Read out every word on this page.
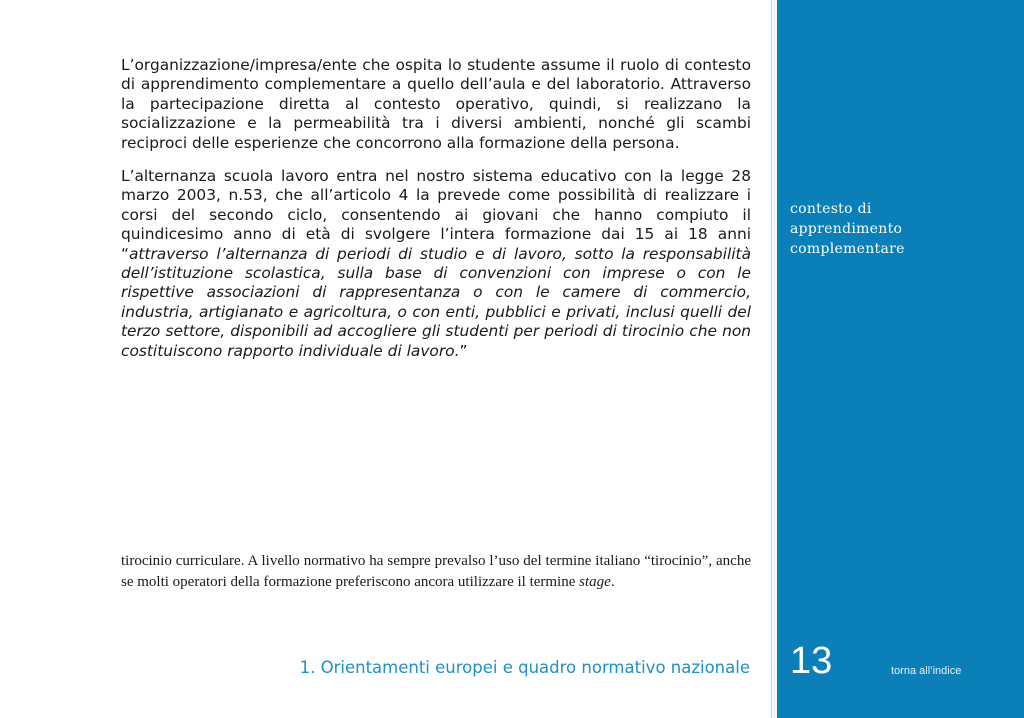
L’organizzazione/impresa/ente che ospita lo studente assume il ruolo di contesto di apprendimento complementare a quello dell’aula e del laboratorio. Attraverso la partecipazione diretta al contesto operativo, quindi, si realizzano la socializzazione e la permeabilità tra i diversi ambienti, nonché gli scambi reciproci delle esperienze che concorrono alla formazione della persona.

L’alternanza scuola lavoro entra nel nostro sistema educativo con la legge 28 marzo 2003, n.53, che all’articolo 4 la prevede come possibilità di realizzare i corsi del secondo ciclo, consentendo ai giovani che hanno compiuto il quindicesimo anno di età di svolgere l’intera formazione dai 15 ai 18 anni “attraverso l’alternanza di periodi di studio e di lavoro, sotto la responsabilità dell’istituzione scolastica, sulla base di convenzioni con imprese o con le rispettive associazioni di rappresentanza o con le camere di commercio, industria, artigianato e agricoltura, o con enti, pubblici e privati, inclusi quelli del terzo settore, disponibili ad accogliere gli studenti per periodi di tirocinio che non costituiscono rapporto individuale di lavoro.”

tirocinio curriculare. A livello normativo ha sempre prevalso l’uso del termine italiano “tirocinio”, anche se molti operatori della formazione preferiscono ancora utilizzare il termine stage.

1. Orientamenti europei e quadro normativo nazionale

contesto di
apprendimento
complementare

13	torna all’indice
